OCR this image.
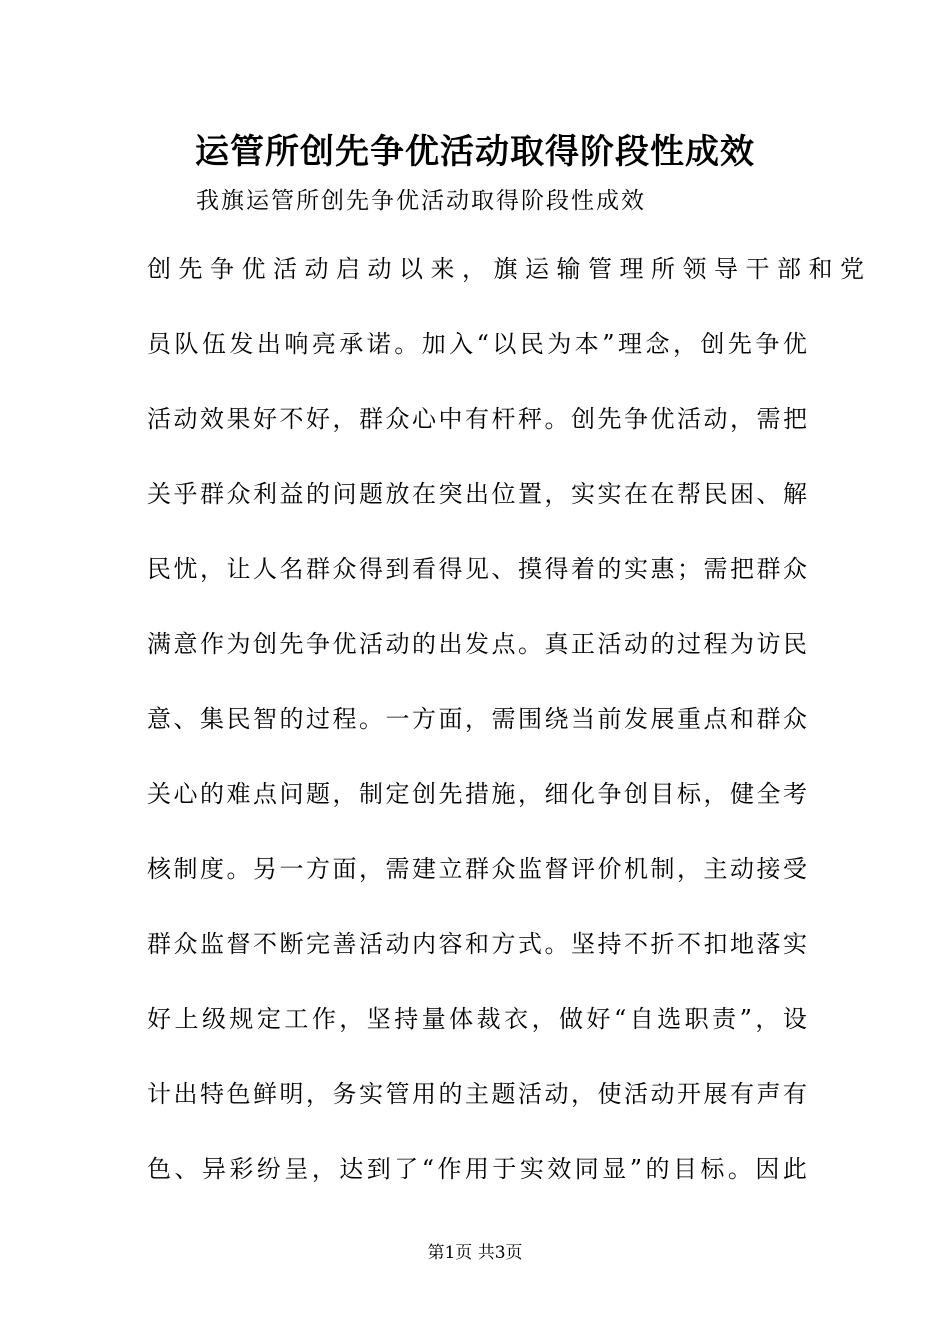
运管所创先争优活动取得阶段性成效
我旗运管所创先争优活动取得阶段性成效
创先争优活动启动以来，旗运输管理所领导干部和党
员 队 伍 发 出 响 亮 承 诺 。 加 入 “ 以 民 为 本 ” 理 念 ， 创 先 争 优
活 动 效 果 好 不 好 ， 群 众 心 中 有 杆 秤 。 创 先 争 优 活 动 ， 需 把
关 乎 群 众 利 益 的 问 题 放 在 突 出 位 置 ， 实 实 在 在 帮 民 困 、 解
民 忧 ， 让 人 名 群 众 得 到 看 得 见 、 摸 得 着 的 实 惠 ； 需 把 群 众
满 意 作 为 创 先 争 优 活 动 的 出 发 点 。 真 正 活 动 的 过 程 为 访 民
意 、 集 民 智 的 过 程 。 一 方 面 ， 需 围 绕 当 前 发 展 重 点 和 群 众
关 心 的 难 点 问 题 ， 制 定 创 先 措 施 ， 细 化 争 创 目 标 ， 健 全 考
核 制 度 。 另 一 方 面 ， 需 建 立 群 众 监 督 评 价 机 制 ， 主 动 接 受
群 众 监 督 不 断 完 善 活 动 内 容 和 方 式 。 坚 持 不 折 不 扣 地 落 实
好 上 级 规 定 工 作 ， 坚 持 量 体 裁 衣 ， 做 好 “ 自 选 职 责 ” ， 设
计 出 特 色 鲜 明 ， 务 实 管 用 的 主 题 活 动 ， 使 活 动 开 展 有 声 有
色 、 异 彩 纷 呈 ， 达 到 了 “ 作 用 于 实 效 同 显 ” 的 目 标 。 因 此
第1页 共3页
